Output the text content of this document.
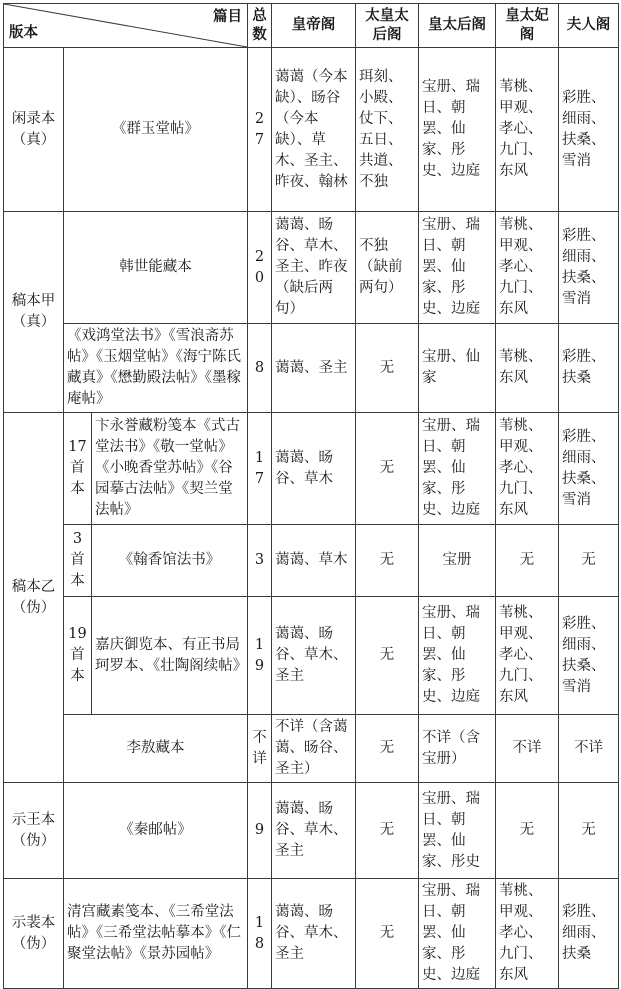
篇目
版本			总数	皇帝阁	太皇太后阁	皇太后阁	皇太妃阁	夫人阁
闲录本（真）	《群玉堂帖》		27	蔼蔼（今本缺）、旸谷（今本缺）、草木、圣主、昨夜、翰林	珥刻、小殿、仗下、五日、共道、不独	宝册、瑞日、朝罢、仙家、彤史、边庭	苇桃、甲观、孝心、九门、东风	彩胜、细雨、扶桑、雪消
稿本甲（真）	韩世能藏本		20	蔼蔼、旸谷、草木、圣主、昨夜（缺后两句）	不独（缺前两句）	宝册、瑞日、朝罢、仙家、彤史、边庭	苇桃、甲观、孝心、九门、东风	彩胜、细雨、扶桑、雪消
	《戏鸿堂法书》《雪浪斋苏帖》《玉烟堂帖》《海宁陈氏藏真》《懋勤殿法帖》《墨稼庵帖》		8	蔼蔼、圣主	无	宝册、仙家	苇桃、东风	彩胜、扶桑
稿本乙（伪）	17首本	卞永誉藏粉笺本《式古堂法书》《敬一堂帖》《小晚香堂苏帖》《谷园摹古法帖》《契兰堂法帖》	17	蔼蔼、旸谷、草木	无	宝册、瑞日、朝罢、仙家、彤史、边庭	苇桃、甲观、孝心、九门、东风	彩胜、细雨、扶桑、雪消
	3首本	《翰香馆法书》	3	蔼蔼、草木	无	宝册	无	无
	19首本	嘉庆御览本、有正书局珂罗本、《壮陶阁续帖》	19	蔼蔼、旸谷、草木、圣主	无	宝册、瑞日、朝罢、仙家、彤史、边庭	苇桃、甲观、孝心、九门、东风	彩胜、细雨、扶桑、雪消
	李敖藏本		不详	不详（含蔼蔼、旸谷、圣主）	无	不详（含宝册）	不详	不详
示王本（伪）	《秦邮帖》		9	蔼蔼、旸谷、草木、圣主	无	宝册、瑞日、朝罢、仙家、彤史	无	无
示裴本（伪）	清宫藏素笺本、《三希堂法帖》《三希堂法帖摹本》《仁聚堂法帖》《景苏园帖》		18	蔼蔼、旸谷、草木、圣主	无	宝册、瑞日、朝罢、仙家、彤史、边庭	苇桃、甲观、孝心、九门、东风	彩胜、细雨、扶桑
